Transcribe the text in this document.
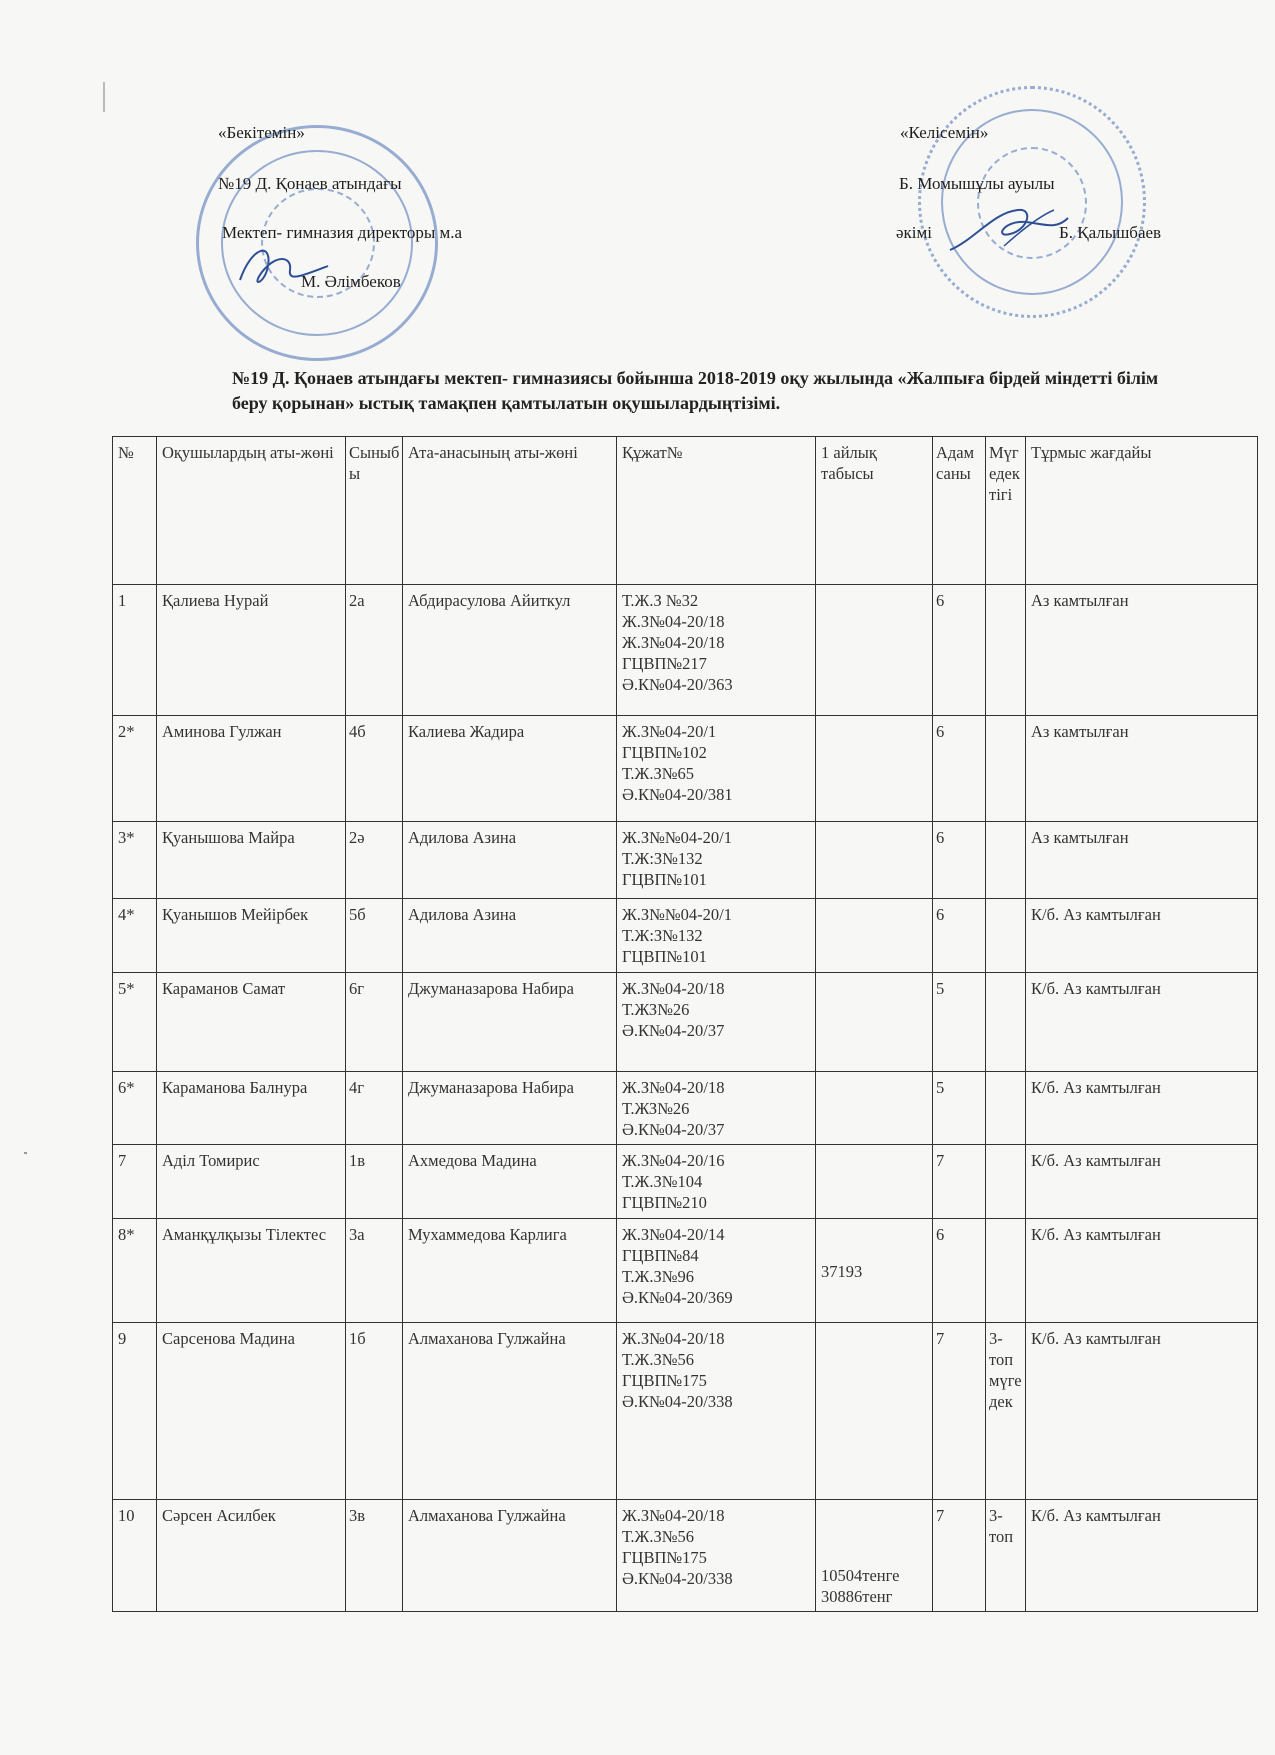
«Бекітемін»
№19 Д. Қонаев атындағы
Мектеп- гимназия директоры м.а
М. Әлімбеков
«Келісемін»
Б. Момышұлы ауылы
әкімі	Б. Қалышбаев
№19 Д. Қонаев атындағы мектеп- гимназиясы бойынша 2018-2019 оқу жылында «Жалпыға бірдей міндетті білім беру қорынан» ыстық тамақпен қамтылатын оқушылардыңтізімі.
№	Оқушылардың аты-жөні	Сыныбы	Ата-анасының аты-жөні	Құжат№	1 айлық табысы	Адам саны	Мүгедектігі	Тұрмыс жағдайы
1	Қалиева Нурай	2а	Абдирасулова Айиткул	Т.Ж.З №32
Ж.З№04-20/18
Ж.З№04-20/18
ГЦВП№217
Ә.К№04-20/363		6		Аз камтылған
2*	Аминова Гулжан	4б	Калиева Жадира	Ж.З№04-20/1
ГЦВП№102
Т.Ж.З№65
Ә.К№04-20/381		6		Аз камтылған
3*	Қуанышова Майра	2ә	Адилова Азина	Ж.З№№04-20/1
Т.Ж:З№132
ГЦВП№101		6		Аз камтылған
4*	Қуанышов Мейірбек	5б	Адилова Азина	Ж.З№№04-20/1
Т.Ж:З№132
ГЦВП№101		6		К/б. Аз камтылған
5*	Караманов Самат	6г	Джуманазарова Набира	Ж.З№04-20/18
Т.ЖЗ№26
Ә.К№04-20/37		5		К/б. Аз камтылған
6*	Караманова Балнура	4г	Джуманазарова Набира	Ж.З№04-20/18
Т.ЖЗ№26
Ә.К№04-20/37		5		К/б. Аз камтылған
7	Аділ Томирис	1в	Ахмедова Мадина	Ж.З№04-20/16
Т.Ж.З№104
ГЦВП№210		7		К/б. Аз камтылған
8*	Аманқұлқызы Тілектес	3а	Мухаммедова Карлига	Ж.З№04-20/14
ГЦВП№84
Т.Ж.З№96
Ә.К№04-20/369	37193	6		К/б. Аз камтылған
9	Сарсенова Мадина	1б	Алмаханова Гулжайна	Ж.З№04-20/18
Т.Ж.З№56
ГЦВП№175
Ә.К№04-20/338		7	3-топ мүгедек	К/б. Аз камтылған
10	Сәрсен Асилбек	3в	Алмаханова Гулжайна	Ж.З№04-20/18
Т.Ж.З№56
ГЦВП№175
Ә.К№04-20/338	10504тенге
30886тенг	7	3-топ	К/б. Аз камтылған
